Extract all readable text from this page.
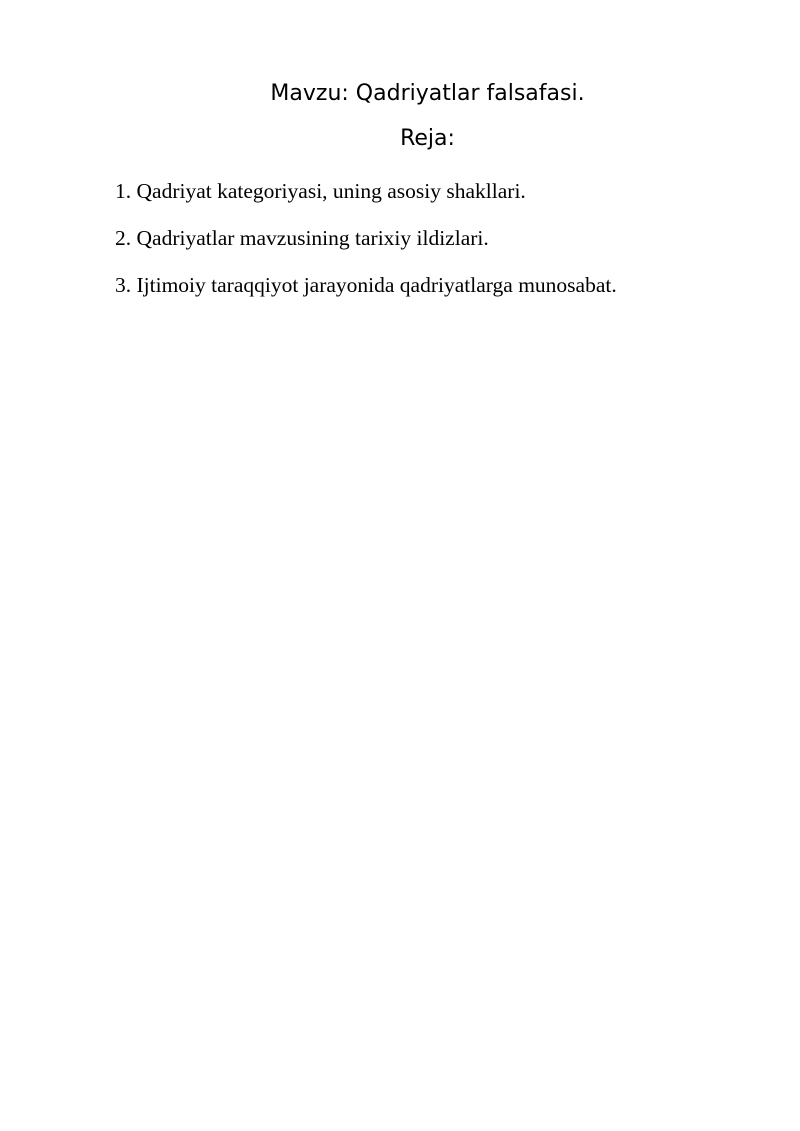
Mavzu: Qadriyatlar falsafasi.
Reja:
1. Qadriyat kategoriyasi, uning asosiy shakllari.
2. Qadriyatlar mavzusining tarixiy ildizlari.
3. Ijtimoiy taraqqiyot jarayonida qadriyatlarga munosabat.
